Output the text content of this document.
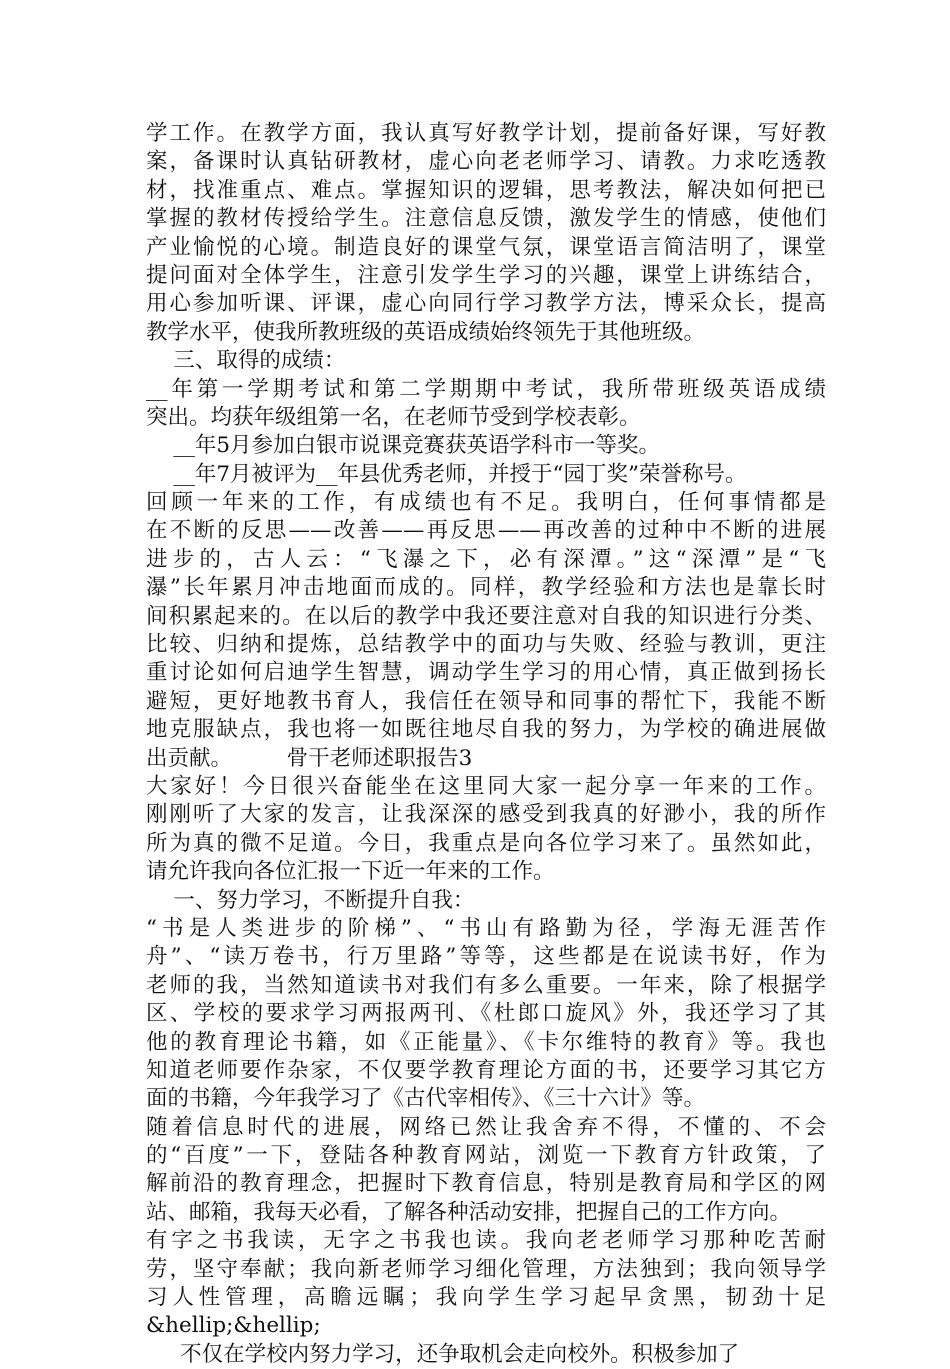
学工作。在教学方面，我认真写好教学计划，提前备好课，写好教
案，备课时认真钻研教材，虚心向老老师学习、请教。力求吃透教
材，找准重点、难点。掌握知识的逻辑，思考教法，解决如何把已
掌握的教材传授给学生。注意信息反馈，激发学生的情感，使他们
产业愉悦的心境。制造良好的课堂气氛，课堂语言简洁明了，课堂
提问面对全体学生，注意引发学生学习的兴趣，课堂上讲练结合，
用心参加听课、评课，虚心向同行学习教学方法，博采众长，提高
教学水平，使我所教班级的英语成绩始终领先于其他班级。
三、取得的成绩：
__年第一学期考试和第二学期期中考试，我所带班级英语成绩
突出。均获年级组第一名，在老师节受到学校表彰。
__年5月参加白银市说课竞赛获英语学科市一等奖。
__年7月被评为__年县优秀老师，并授于“园丁奖”荣誉称号。
回顾一年来的工作，有成绩也有不足。我明白，任何事情都是
在不断的反思——改善——再反思——再改善的过种中不断的进展
进步的，古人云：“飞瀑之下，必有深潭。”这“深潭”是“飞
瀑”长年累月冲击地面而成的。同样，教学经验和方法也是靠长时
间积累起来的。在以后的教学中我还要注意对自我的知识进行分类、
比较、归纳和提炼，总结教学中的面功与失败、经验与教训，更注
重讨论如何启迪学生智慧，调动学生学习的用心情，真正做到扬长
避短，更好地教书育人，我信任在领导和同事的帮忙下，我能不断
地克服缺点，我也将一如既往地尽自我的努力，为学校的确进展做
出贡献。        骨干老师述职报告3
大家好！今日很兴奋能坐在这里同大家一起分享一年来的工作。
刚刚听了大家的发言，让我深深的感受到我真的好渺小，我的所作
所为真的微不足道。今日，我重点是向各位学习来了。虽然如此，
请允许我向各位汇报一下近一年来的工作。
一、努力学习，不断提升自我：
“书是人类进步的阶梯”、“书山有路勤为径，学海无涯苦作
舟”、“读万卷书，行万里路”等等，这些都是在说读书好，作为
老师的我，当然知道读书对我们有多么重要。一年来，除了根据学
区、学校的要求学习两报两刊、《杜郎口旋风》外，我还学习了其
他的教育理论书籍，如《正能量》、《卡尔维特的教育》等。我也
知道老师要作杂家，不仅要学教育理论方面的书，还要学习其它方
面的书籍，今年我学习了《古代宰相传》、《三十六计》等。
随着信息时代的进展，网络已然让我舍弃不得，不懂的、不会
的“百度”一下，登陆各种教育网站，浏览一下教育方针政策，了
解前沿的教育理念，把握时下教育信息，特别是教育局和学区的网
站、邮箱，我每天必看，了解各种活动安排，把握自己的工作方向。
有字之书我读，无字之书我也读。我向老老师学习那种吃苦耐
劳，坚守奉献；我向新老师学习细化管理，方法独到；我向领导学
习人性管理，高瞻远瞩；我向学生学习起早贪黑，韧劲十足
&hellip;&hellip;
不仅在学校内努力学习，还争取机会走向校外。积极参加了
